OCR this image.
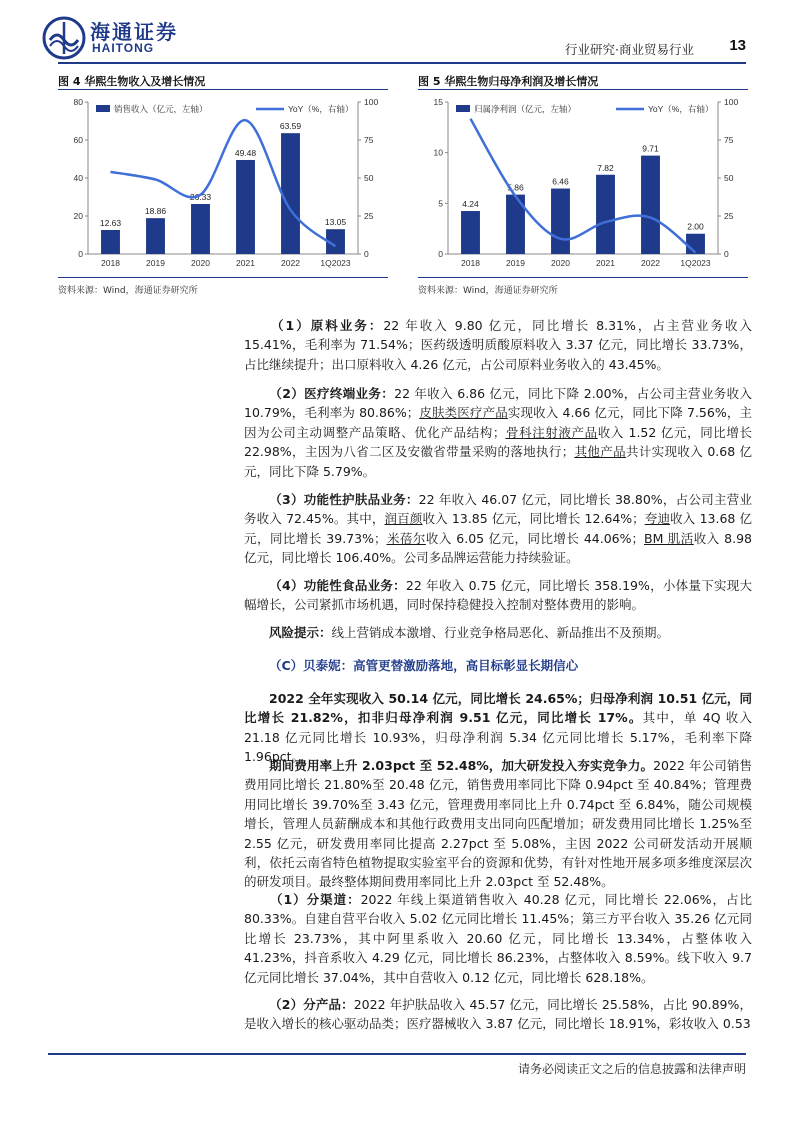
海通证券
HAITONG	行业研究·商业贸易行业 13
图 4 华熙生物收入及增长情况
0
20
40
60
80
0
25
50
75
100
12.63
2018
18.86
2019
26.33
2020
49.48
2021
63.59
2022
13.05
1Q2023
销售收入（亿元，左轴）	YoY（%，右轴）
资料来源：Wind，海通证券研究所
图 5 华熙生物归母净利润及增长情况
0
5
10
15
0
25
50
75
100
4.24
2018
5.86
2019
6.46
2020
7.82
2021
9.71
2022
2.00
1Q2023
归属净利润（亿元，左轴）	YoY（%，右轴）
资料来源：Wind，海通证券研究所

（1）原料业务：22 年收入 9.80 亿元，同比增长 8.31%，占主营业务收入 15.41%，毛利率为 71.54%；医药级透明质酸原料收入 3.37 亿元，同比增长 33.73%，占比继续提升；出口原料收入 4.26 亿元，占公司原料业务收入的 43.45%。

（2）医疗终端业务：22 年收入 6.86 亿元，同比下降 2.00%，占公司主营业务收入 10.79%，毛利率为 80.86%；皮肤类医疗产品实现收入 4.66 亿元，同比下降 7.56%，主因为公司主动调整产品策略、优化产品结构；骨科注射液产品收入 1.52 亿元，同比增长 22.98%，主因为八省二区及安徽省带量采购的落地执行；其他产品共计实现收入 0.68 亿元，同比下降 5.79%。

（3）功能性护肤品业务：22 年收入 46.07 亿元，同比增长 38.80%，占公司主营业务收入 72.45%。其中，润百颜收入 13.85 亿元，同比增长 12.64%；夸迪收入 13.68 亿元，同比增长 39.73%；米蓓尔收入 6.05 亿元，同比增长 44.06%；BM 肌活收入 8.98 亿元，同比增长 106.40%。公司多品牌运营能力持续验证。

（4）功能性食品业务：22 年收入 0.75 亿元，同比增长 358.19%，小体量下实现大幅增长，公司紧抓市场机遇，同时保持稳健投入控制对整体费用的影响。

风险提示：线上营销成本激增、行业竞争格局恶化、新品推出不及预期。

（C）贝泰妮：高管更替激励落地，高目标彰显长期信心

2022 全年实现收入 50.14 亿元，同比增长 24.65%；归母净利润 10.51 亿元，同比增长 21.82%，扣非归母净利润 9.51 亿元，同比增长 17%。其中，单 4Q 收入 21.18 亿元同比增长 10.93%，归母净利润 5.34 亿元同比增长 5.17%，毛利率下降 1.96pct。

期间费用率上升 2.03pct 至 52.48%，加大研发投入夯实竞争力。2022 年公司销售费用同比增长 21.80%至 20.48 亿元，销售费用率同比下降 0.94pct 至 40.84%；管理费用同比增长 39.70%至 3.43 亿元，管理费用率同比上升 0.74pct 至 6.84%，随公司规模增长，管理人员薪酬成本和其他行政费用支出同向匹配增加；研发费用同比增长 1.25%至 2.55 亿元，研发费用率同比提高 2.27pct 至 5.08%，主因 2022 公司研发活动开展顺利，依托云南省特色植物提取实验室平台的资源和优势，有针对性地开展多项多维度深层次的研发项目。最终整体期间费用率同比上升 2.03pct 至 52.48%。

（1）分渠道：2022 年线上渠道销售收入 40.28 亿元，同比增长 22.06%，占比 80.33%。自建自营平台收入 5.02 亿元同比增长 11.45%；第三方平台收入 35.26 亿元同比增长 23.73%，其中阿里系收入 20.60 亿元，同比增长 13.34%，占整体收入 41.23%，抖音系收入 4.29 亿元，同比增长 86.23%，占整体收入 8.59%。线下收入 9.7 亿元同比增长 37.04%，其中自营收入 0.12 亿元，同比增长 628.18%。

（2）分产品：2022 年护肤品收入 45.57 亿元，同比增长 25.58%，占比 90.89%，是收入增长的核心驱动品类；医疗器械收入 3.87 亿元，同比增长 18.91%，彩妆收入 0.53

请务必阅读正文之后的信息披露和法律声明
